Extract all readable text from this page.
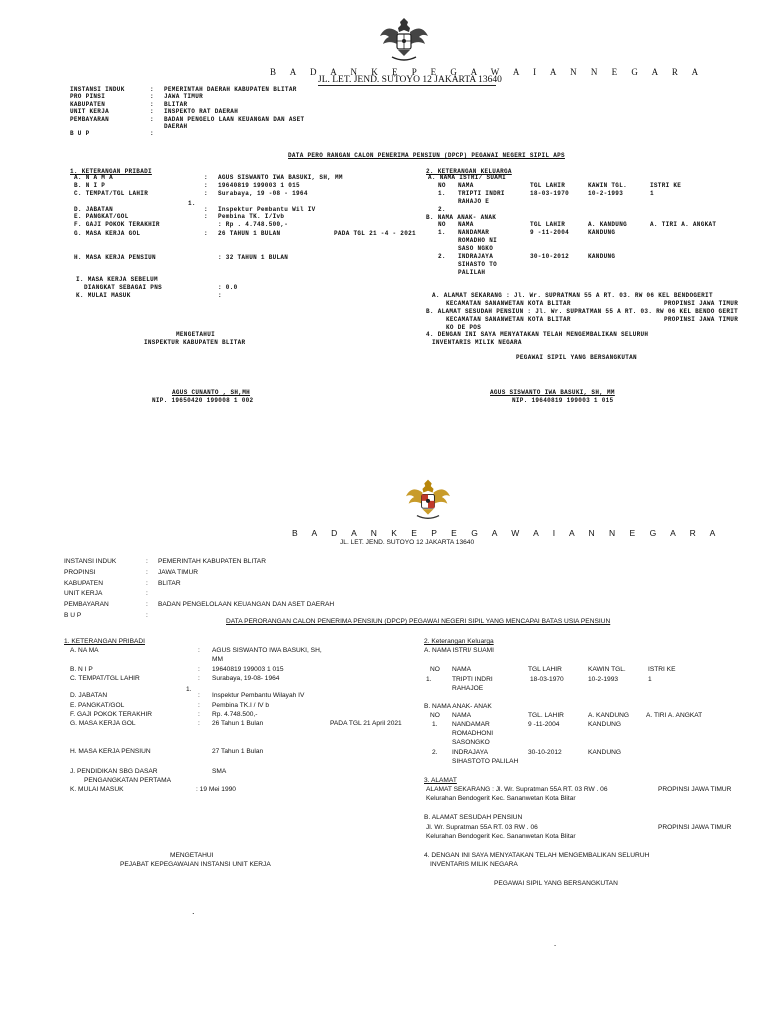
B A D A N K E P E G A W A I A N N E G A R A
JL. LET. JEND. SUTOYO 12 JAKARTA 13640
INSTANSI INDUK	: PEMERINTAH DAERAH KABUPATEN BLITAR
PRO PINSI	: JAWA TIMUR
KABUPATEN	: BLITAR
UNIT KERJA	: INSPEKTO RAT DAERAH
PEMBAYARAN	: BADAN PENGELO LAAN KEUANGAN DAN ASET
DAERAH
B U P	:
DATA PERO RANGAN CALON PENERIMA PENSIUN (DPCP) PEGAWAI NEGERI SIPIL APS
1. KETERANGAN PRIBADI
A. N A M A	: AGUS SISWANTO IWA BASUKI, SH, MM
B. N I P	: 19640819 199003 1 015
C. TEMPAT/TGL LAHIR	: Surabaya, 19 -08 - 1964
D. JABATAN	: Inspektur Pembantu Wil IV
E. PANGKAT/GOL	: Pembina TK. I/Ivb
F. GAJI POKOK TERAKHIR	: Rp . 4.748.500,-
G. MASA KERJA GOL	: 26 TAHUN 1 BULAN
1.
PADA TGL 21 -4 - 2021
H. MASA KERJA PENSIUN	: 32 TAHUN 1 BULAN
I. MASA KERJA SEBELUM
DIANGKAT SEBAGAI PNS	: 0.0
K. MULAI MASUK	:
2. KETERANGAN KELUARGA
A. NAMA ISTRI/ SUAMI
NO NAMA	TGL LAHIR	KAWIN TGL.	ISTRI KE
1. TRIPTI INDRI
RAHAJO E
18-03-1970	10-2-1993	1
2.
B. NAMA ANAK- ANAK
NO NAMA	TGL LAHIR	A. KANDUNG	A. TIRI A. ANGKAT
1. NANDAMAR
ROMADHO NI
SASO NGKO
9 -11-2004	KANDUNG
2. INDRAJAYA
SIHASTO TO
PALILAH
30-10-2012	KANDUNG
A. ALAMAT SEKARANG : Jl. Wr. SUPRATMAN 55 A RT. 03. RW 06 KEL BENDOGERIT
KECAMATAN SANANWETAN KOTA BLITAR
B. ALAMAT SESUDAH PENSIUN : Jl. Wr. SUPRATMAN 55 A RT. 03. RW 06 KEL BENDO GERIT
KECAMATAN SANANWETAN KOTA BLITAR
KO DE POS
PROPINSI JAWA TIMUR
PROPINSI JAWA TIMUR
4. DENGAN INI SAYA MENYATAKAN TELAH MENGEMBALIKAN SELURUH
INVENTARIS MILIK NEGARA
PEGAWAI SIPIL YANG BERSANGKUTAN
MENGETAHUI
INSPEKTUR KABUPATEN BLITAR
AGUS CUNANTO , SH,MH
NIP. 19650420 199008 1 002
AGUS SISWANTO IWA BASUKI, SH, MM
NIP. 19640819 199003 1 015
B A D A N K E P E G A W A I A N N E G A R A
JL. LET. JEND. SUTOYO 12 JAKARTA 13640
INSTANSI INDUK	: PEMERINTAH KABUPATEN BLITAR
PROPINSI	: JAWA TIMUR
KABUPATEN	: BLITAR
UNIT KERJA	:
PEMBAYARAN	: BADAN PENGELOLAAN KEUANGAN DAN ASET DAERAH
B U P	:
DATA PERORANGAN CALON PENERIMA PENSIUN (DPCP) PEGAWAI NEGERI SIPIL YANG MENCAPAI BATAS USIA PENSIUN
1. KETERANGAN PRIBADI
A. NA MA	: AGUS SISWANTO IWA BASUKI, SH,
MM
B. N I P	: 19640819 199003 1 015
C. TEMPAT/TGL LAHIR	: Surabaya, 19-08- 1964
D. JABATAN	: Inspektur Pembantu Wilayah IV
E. PANGKAT/GOL	: Pembina TK.I / IV b
F. GAJI POKOK TERAKHIR	: Rp. 4.748.500,-
G. MASA KERJA GOL	: 26 Tahun 1 Bulan
1.
PADA TGL 21 April 2021
H. MASA KERJA PENSIUN	27 Tahun 1 Bulan
J. PENDIDIKAN SBG DASAR
PENGANGKATAN PERTAMA
SMA
K. MULAI MASUK	: 19 Mei 1990
2. Keterangan Keluarga
A. NAMA ISTRI/ SUAMI
NO NAMA	TGL LAHIR	KAWIN TGL.	ISTRI KE
1.	TRIPTI INDRI
RAHAJOE
18-03-1970	10-2-1993	1
B. NAMA ANAK- ANAK
NO NAMA	TGL. LAHIR	A. KANDUNG	A. TIRI A. ANGKAT
1. NANDAMAR
ROMADHONI
SASONGKO
9 -11-2004	KANDUNG
2. INDRAJAYA
SIHASTOTO PALILAH
30-10-2012	KANDUNG
3. ALAMAT
ALAMAT SEKARANG : Jl. Wr. Supratman 55A RT. 03 RW . 06
Kelurahan Bendogerit Kec. Sananwetan Kota Blitar
PROPINSI JAWA TIMUR
B. ALAMAT SESUDAH PENSIUN
Jl. Wr. Supratman 55A RT. 03 RW . 06
Kelurahan Bendogerit Kec. Sananwetan Kota Blitar
PROPINSI JAWA TIMUR
4. DENGAN INI SAYA MENYATAKAN TELAH MENGEMBALIKAN SELURUH
INVENTARIS MILIK NEGARA
PEGAWAI SIPIL YANG BERSANGKUTAN
MENGETAHUI
PEJABAT KEPEGAWAIAN INSTANSI UNIT KERJA
.
-
